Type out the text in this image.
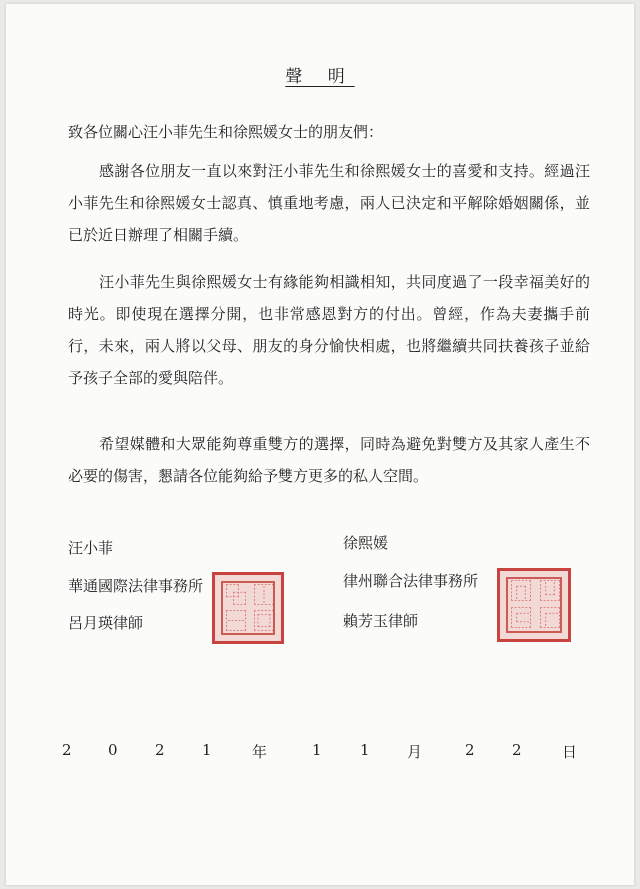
聲 明
致各位關心汪小菲先生和徐熙媛女士的朋友們：

感謝各位朋友一直以來對汪小菲先生和徐熙媛女士的喜愛和支持。經過汪小菲先生和徐熙媛女士認真、慎重地考慮，兩人已決定和平解除婚姻關係，並已於近日辦理了相關手續。

汪小菲先生與徐熙媛女士有緣能夠相識相知，共同度過了一段幸福美好的時光。即使現在選擇分開，也非常感恩對方的付出。曾經，作為夫妻攜手前行，未來，兩人將以父母、朋友的身分愉快相處，也將繼續共同扶養孩子並給予孩子全部的愛與陪伴。

希望媒體和大眾能夠尊重雙方的選擇，同時為避免對雙方及其家人產生不必要的傷害，懇請各位能夠給予雙方更多的私人空間。

汪小菲
華通國際法律事務所
呂月瑛律師
⿻ ⿰
⿱ ⿴
徐熙媛
律州聯合法律事務所
賴芳玉律師
⿵ ⿶
⿷ ⿸
2 0 2 1	年	1	1 月	2 2	日
